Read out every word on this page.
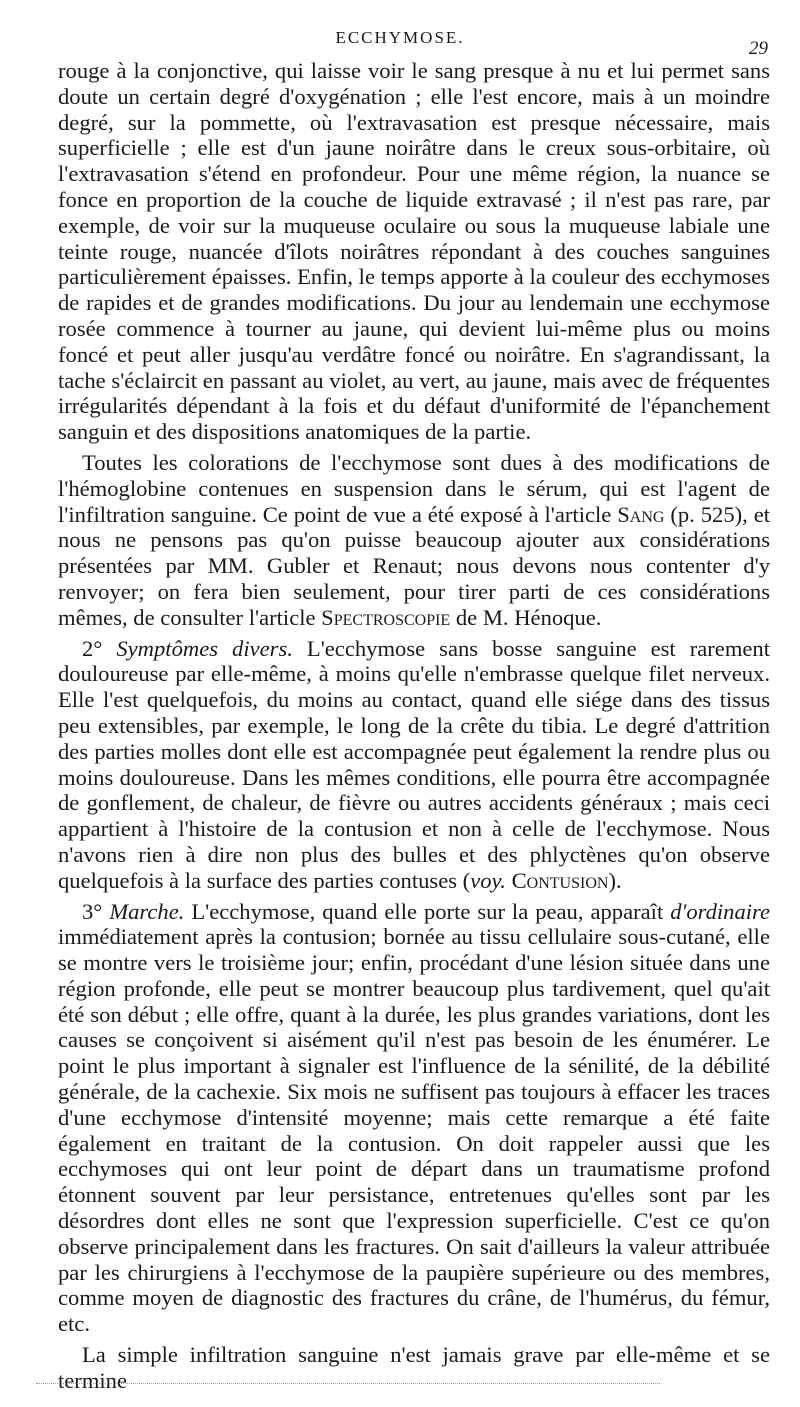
ECCHYMOSE.
29

rouge à la conjonctive, qui laisse voir le sang presque à nu et lui permet sans doute un certain degré d'oxygénation ; elle l'est encore, mais à un moindre degré, sur la pommette, où l'extravasation est presque nécessaire, mais superficielle ; elle est d'un jaune noirâtre dans le creux sous-orbitaire, où l'extravasation s'étend en profondeur. Pour une même région, la nuance se fonce en proportion de la couche de liquide extravasé ; il n'est pas rare, par exemple, de voir sur la muqueuse oculaire ou sous la muqueuse labiale une teinte rouge, nuancée d'îlots noirâtres répondant à des couches sanguines particulièrement épaisses. Enfin, le temps apporte à la couleur des ecchymoses de rapides et de grandes modifications. Du jour au lendemain une ecchymose rosée commence à tourner au jaune, qui devient lui-même plus ou moins foncé et peut aller jusqu'au verdâtre foncé ou noirâtre. En s'agrandissant, la tache s'éclaircit en passant au violet, au vert, au jaune, mais avec de fréquentes irrégularités dépendant à la fois et du défaut d'uniformité de l'épanchement sanguin et des dispositions anatomiques de la partie.

Toutes les colorations de l'ecchymose sont dues à des modifications de l'hémoglobine contenues en suspension dans le sérum, qui est l'agent de l'infiltration sanguine. Ce point de vue a été exposé à l'article Sang (p. 525), et nous ne pensons pas qu'on puisse beaucoup ajouter aux considérations présentées par MM. Gubler et Renaut; nous devons nous contenter d'y renvoyer; on fera bien seulement, pour tirer parti de ces considérations mêmes, de consulter l'article Spectroscopie de M. Hénoque.

2° Symptômes divers. L'ecchymose sans bosse sanguine est rarement douloureuse par elle-même, à moins qu'elle n'embrasse quelque filet nerveux. Elle l'est quelquefois, du moins au contact, quand elle siége dans des tissus peu extensibles, par exemple, le long de la crête du tibia. Le degré d'attrition des parties molles dont elle est accompagnée peut également la rendre plus ou moins douloureuse. Dans les mêmes conditions, elle pourra être accompagnée de gonflement, de chaleur, de fièvre ou autres accidents généraux ; mais ceci appartient à l'histoire de la contusion et non à celle de l'ecchymose. Nous n'avons rien à dire non plus des bulles et des phlyctènes qu'on observe quelquefois à la surface des parties contuses (voy. Contusion).

3° Marche. L'ecchymose, quand elle porte sur la peau, apparaît d'ordinaire immédiatement après la contusion; bornée au tissu cellulaire sous-cutané, elle se montre vers le troisième jour; enfin, procédant d'une lésion située dans une région profonde, elle peut se montrer beaucoup plus tardivement, quel qu'ait été son début ; elle offre, quant à la durée, les plus grandes variations, dont les causes se conçoivent si aisément qu'il n'est pas besoin de les énumérer. Le point le plus important à signaler est l'influence de la sénilité, de la débilité générale, de la cachexie. Six mois ne suffisent pas toujours à effacer les traces d'une ecchymose d'intensité moyenne; mais cette remarque a été faite également en traitant de la contusion. On doit rappeler aussi que les ecchymoses qui ont leur point de départ dans un traumatisme profond étonnent souvent par leur persistance, entretenues qu'elles sont par les désordres dont elles ne sont que l'expression superficielle. C'est ce qu'on observe principalement dans les fractures. On sait d'ailleurs la valeur attribuée par les chirurgiens à l'ecchymose de la paupière supérieure ou des membres, comme moyen de diagnostic des fractures du crâne, de l'humérus, du fémur, etc.

La simple infiltration sanguine n'est jamais grave par elle-même et se termine
